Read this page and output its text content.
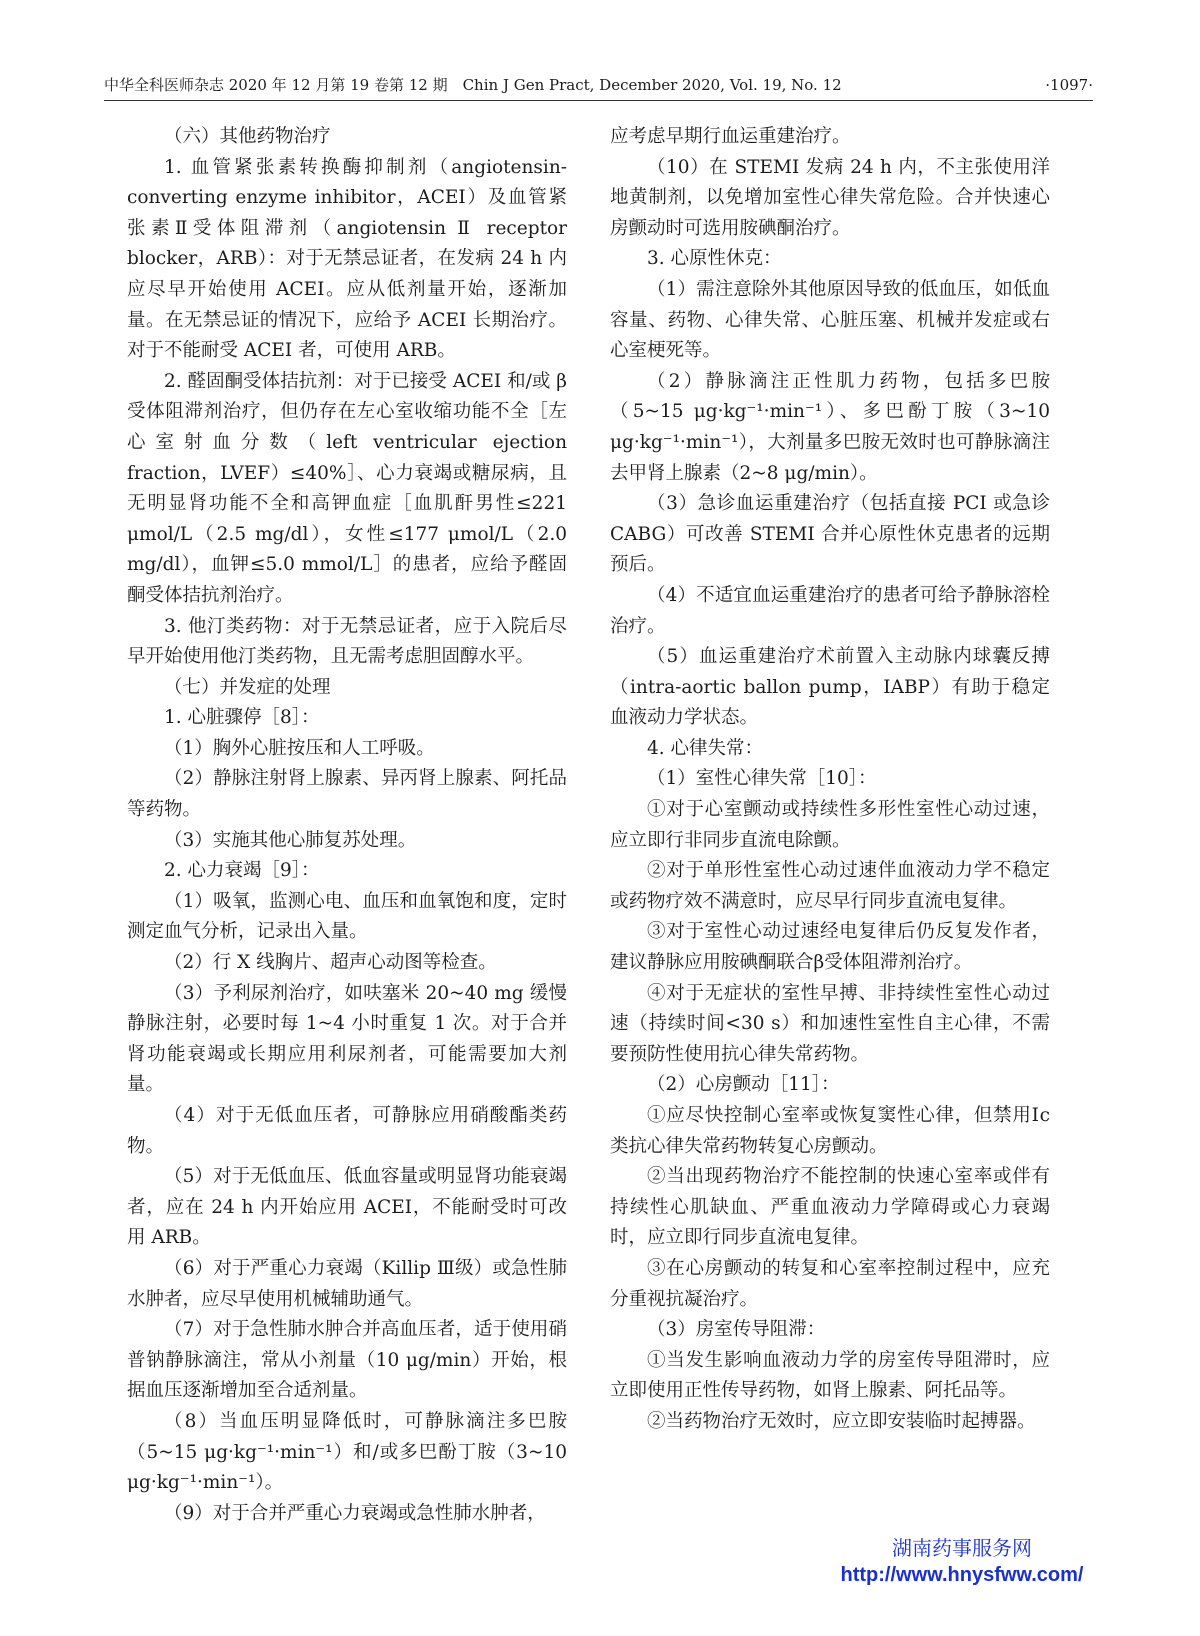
中华全科医师杂志 2020 年 12 月第 19 卷第 12 期　Chin J Gen Pract, December 2020, Vol. 19, No. 12	·1097·

（六）其他药物治疗

1. 血管紧张素转换酶抑制剂（angiotensin-converting enzyme inhibitor，ACEI）及血管紧张素Ⅱ受体阻滞剂（angiotensin Ⅱ receptor blocker，ARB）：对于无禁忌证者，在发病 24 h 内应尽早开始使用 ACEI。应从低剂量开始，逐渐加量。在无禁忌证的情况下，应给予 ACEI 长期治疗。对于不能耐受 ACEI 者，可使用 ARB。

2. 醛固酮受体拮抗剂：对于已接受 ACEI 和/或 β受体阻滞剂治疗，但仍存在左心室收缩功能不全［左心室射血分数（left ventricular ejection fraction，LVEF）≤40%］、心力衰竭或糖尿病，且无明显肾功能不全和高钾血症［血肌酐男性≤221 μmol/L（2.5 mg/dl），女性≤177 μmol/L（2.0 mg/dl），血钾≤5.0 mmol/L］的患者，应给予醛固酮受体拮抗剂治疗。

3. 他汀类药物：对于无禁忌证者，应于入院后尽早开始使用他汀类药物，且无需考虑胆固醇水平。

（七）并发症的处理

1. 心脏骤停［8］：

（1）胸外心脏按压和人工呼吸。

（2）静脉注射肾上腺素、异丙肾上腺素、阿托品等药物。

（3）实施其他心肺复苏处理。

2. 心力衰竭［9］：

（1）吸氧，监测心电、血压和血氧饱和度，定时测定血气分析，记录出入量。

（2）行 X 线胸片、超声心动图等检查。

（3）予利尿剂治疗，如呋塞米 20~40 mg 缓慢静脉注射，必要时每 1~4 小时重复 1 次。对于合并肾功能衰竭或长期应用利尿剂者，可能需要加大剂量。

（4）对于无低血压者，可静脉应用硝酸酯类药物。

（5）对于无低血压、低血容量或明显肾功能衰竭者，应在 24 h 内开始应用 ACEI，不能耐受时可改用 ARB。

（6）对于严重心力衰竭（Killip Ⅲ级）或急性肺水肿者，应尽早使用机械辅助通气。

（7）对于急性肺水肿合并高血压者，适于使用硝普钠静脉滴注，常从小剂量（10 μg/min）开始，根据血压逐渐增加至合适剂量。

（8）当血压明显降低时，可静脉滴注多巴胺（5~15 μg·kg⁻¹·min⁻¹）和/或多巴酚丁胺（3~10 μg·kg⁻¹·min⁻¹）。

（9）对于合并严重心力衰竭或急性肺水肿者，

应考虑早期行血运重建治疗。

（10）在 STEMI 发病 24 h 内，不主张使用洋地黄制剂，以免增加室性心律失常危险。合并快速心房颤动时可选用胺碘酮治疗。

3. 心原性休克：

（1）需注意除外其他原因导致的低血压，如低血容量、药物、心律失常、心脏压塞、机械并发症或右心室梗死等。

（2）静脉滴注正性肌力药物，包括多巴胺（5~15 μg·kg⁻¹·min⁻¹）、多巴酚丁胺（3~10 μg·kg⁻¹·min⁻¹），大剂量多巴胺无效时也可静脉滴注去甲肾上腺素（2~8 μg/min）。

（3）急诊血运重建治疗（包括直接 PCI 或急诊 CABG）可改善 STEMI 合并心原性休克患者的远期预后。

（4）不适宜血运重建治疗的患者可给予静脉溶栓治疗。

（5）血运重建治疗术前置入主动脉内球囊反搏（intra-aortic ballon pump，IABP）有助于稳定血液动力学状态。

4. 心律失常：

（1）室性心律失常［10］：

①对于心室颤动或持续性多形性室性心动过速，应立即行非同步直流电除颤。

②对于单形性室性心动过速伴血液动力学不稳定或药物疗效不满意时，应尽早行同步直流电复律。

③对于室性心动过速经电复律后仍反复发作者，建议静脉应用胺碘酮联合β受体阻滞剂治疗。

④对于无症状的室性早搏、非持续性室性心动过速（持续时间<30 s）和加速性室性自主心律，不需要预防性使用抗心律失常药物。

（2）心房颤动［11］：

①应尽快控制心室率或恢复窦性心律，但禁用Ⅰc类抗心律失常药物转复心房颤动。

②当出现药物治疗不能控制的快速心室率或伴有持续性心肌缺血、严重血液动力学障碍或心力衰竭时，应立即行同步直流电复律。

③在心房颤动的转复和心室率控制过程中，应充分重视抗凝治疗。

（3）房室传导阻滞：

①当发生影响血液动力学的房室传导阻滞时，应立即使用正性传导药物，如肾上腺素、阿托品等。

②当药物治疗无效时，应立即安装临时起搏器。

湖南药事服务网
http://www.hnysfww.com/
